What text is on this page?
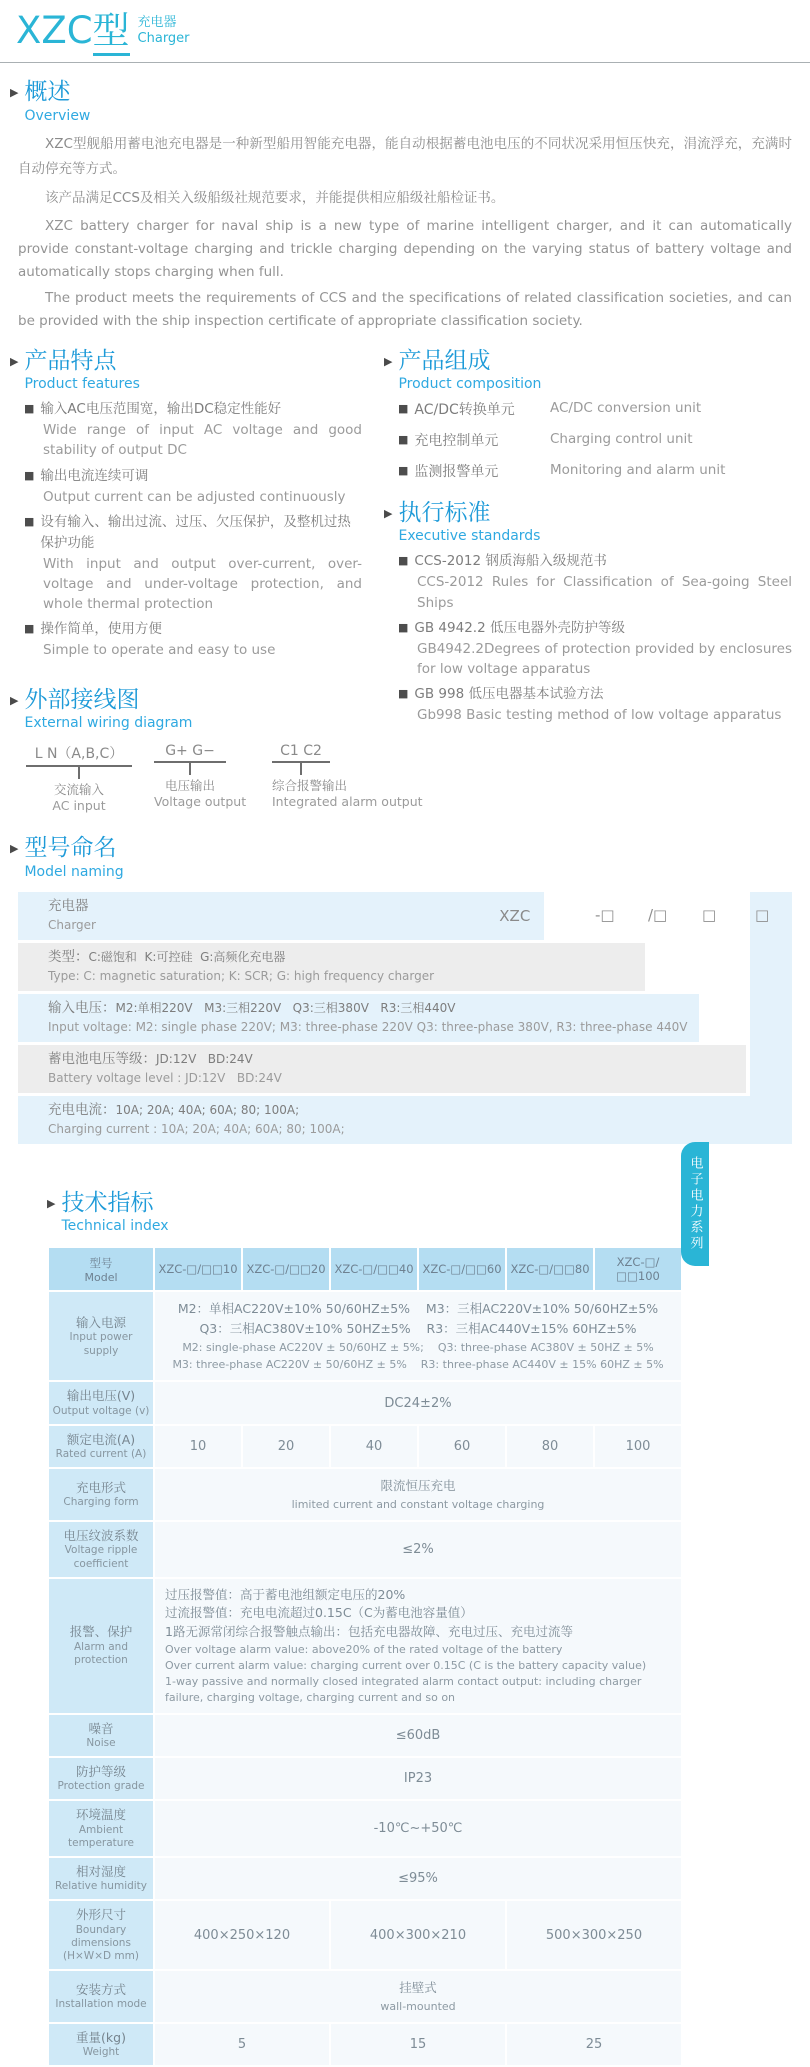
XZC型 充电器
Charger
▶ 概述
Overview

XZC型舰船用蓄电池充电器是一种新型船用智能充电器，能自动根据蓄电池电压的不同状况采用恒压快充，涓流浮充，充满时自动停充等方式。

该产品满足CCS及相关入级船级社规范要求，并能提供相应船级社船检证书。

XZC battery charger for naval ship is a new type of marine intelligent charger, and it can automatically provide constant-voltage charging and trickle charging depending on the varying status of battery voltage and automatically stops charging when full.

The product meets the requirements of CCS and the specifications of related classification societies, and can be provided with the ship inspection certificate of appropriate classification society.

▶ 产品特点
Product features
■ 输入AC电压范围宽，输出DC稳定性能好
Wide range of input AC voltage and good stability of output DC
■ 输出电流连续可调
Output current can be adjusted continuously
■ 设有输入、输出过流、过压、欠压保护，及整机过热保护功能
With input and output over-current, over-voltage and under-voltage protection, and whole thermal protection
■ 操作简单，使用方便
Simple to operate and easy to use
▶ 外部接线图
External wiring diagram
L N（A,B,C）
交流输入
AC input
G+ G−
电压输出
Voltage output
C1 C2
综合报警输出
Integrated alarm output
▶ 产品组成
Product composition
■ AC/DC转换单元	AC/DC conversion unit
■ 充电控制单元	Charging control unit
■ 监测报警单元	Monitoring and alarm unit
▶ 执行标准
Executive standards
■ CCS-2012 钢质海船入级规范书
CCS-2012 Rules for Classification of Sea-going Steel Ships
■ GB 4942.2 低压电器外壳防护等级
GB4942.2Degrees of protection provided by enclosures for low voltage apparatus
■ GB 998 低压电器基本试验方法
Gb998 Basic testing method of low voltage apparatus
▶ 型号命名
Model naming
-□ /□ □	□
充电器
Charger
XZC
类型：C:磁饱和  K:可控硅  G:高频化充电器
Type: C: magnetic saturation; K: SCR; G: high frequency charger
输入电压：M2:单相220V   M3:三相220V   Q3:三相380V   R3:三相440V
Input voltage: M2: single phase 220V; M3: three-phase 220V Q3: three-phase 380V, R3: three-phase 440V
蓄电池电压等级：JD:12V   BD:24V
Battery voltage level : JD:12V   BD:24V
充电电流：10A; 20A; 40A; 60A; 80; 100A;
Charging current : 10A; 20A; 40A; 60A; 80; 100A;
▶ 技术指标
Technical index
型号
Model	XZC-□/□□10	XZC-□/□□20	XZC-□/□□40	XZC-□/□□60	XZC-□/□□80	XZC-□/□□100
输入电源
Input power supply

M2：单相AC220V±10% 50/60HZ±5%    M3：三相AC220V±10% 50/60HZ±5%
Q3：三相AC380V±10% 50HZ±5%    R3：三相AC440V±15% 60HZ±5%
M2: single-phase AC220V ± 50/60HZ ± 5%;    Q3: three-phase AC380V ± 50HZ ± 5%
M3: three-phase AC220V ± 50/60HZ ± 5%    R3: three-phase AC440V ± 15% 60HZ ± 5%

输出电压(V)
Output voltage (v)	DC24±2%					
额定电流(A)
Rated current (A)	10	20	40	60	80	100
充电形式
Charging form

限流恒压充电
limited current and constant voltage charging

电压纹波系数
Voltage ripple coefficient	≤2%					
报警、保护
Alarm and protection

过压报警值：高于蓄电池组额定电压的20%
过流报警值：充电电流超过0.15C（C为蓄电池容量值）
1路无源常闭综合报警触点输出：包括充电器故障、充电过压、充电过流等
Over voltage alarm value: above20% of the rated voltage of the battery
Over current alarm value: charging current over 0.15C (C is the battery capacity value)
1-way passive and normally closed integrated alarm contact output: including charger failure, charging voltage, charging current and so on

噪音
Noise	≤60dB					
防护等级
Protection grade	IP23					
环境温度
Ambient temperature	-10℃~+50℃					
相对湿度
Relative humidity	≤95%					
外形尺寸
Boundary dimensions
(H×W×D mm)	400×250×120		400×300×210		500×300×250	
安装方式
Installation mode

挂壁式
wall-mounted

重量(kg)
Weight	5		15		25	
电子电力系列
